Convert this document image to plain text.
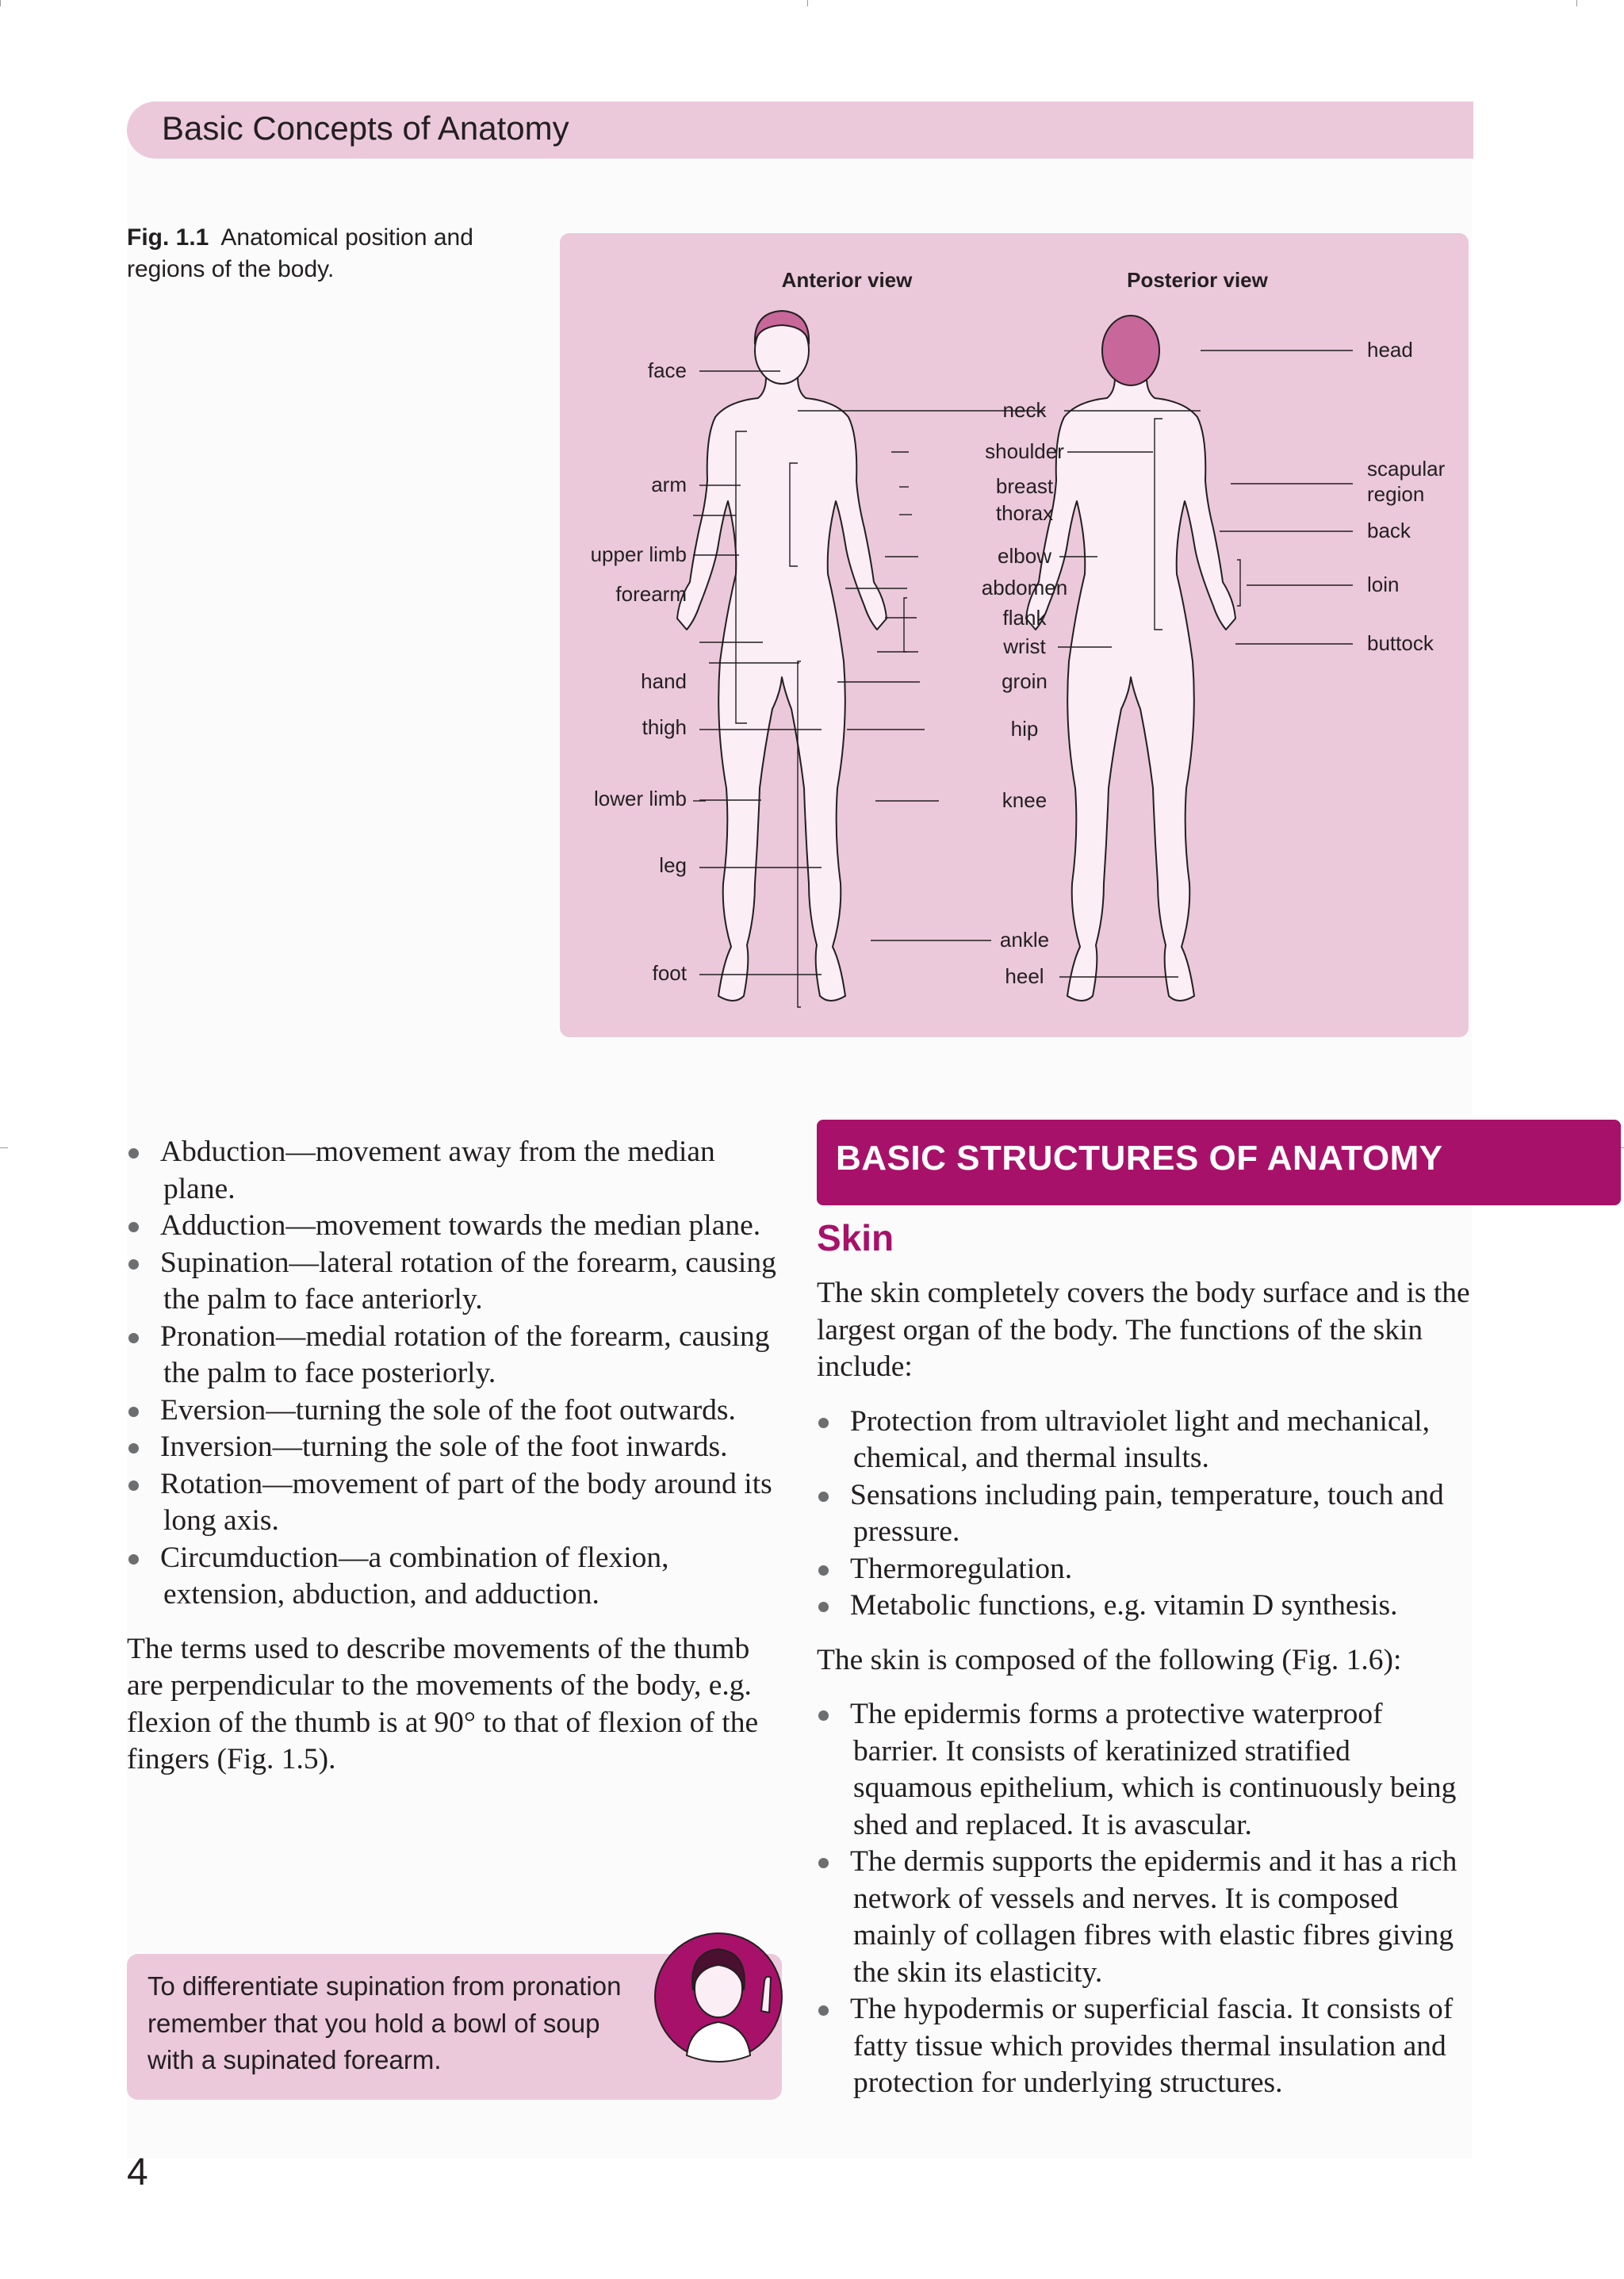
Basic Concepts of Anatomy
Fig. 1.1 Anatomical position and regions of the body.	Anterior view	Posterior view
face
arm
upper limb
forearm
hand
thigh
lower limb
leg
foot
neck
shoulder
breast
thorax
elbow
abdomen
flank
wrist
groin
hip
knee
ankle
heel
head
scapular
region
back
loin
buttock
Abduction—movement away from the median plane.
Adduction—movement towards the median plane.
Supination—lateral rotation of the forearm, causing the palm to face anteriorly.
Pronation—medial rotation of the forearm, causing the palm to face posteriorly.
Eversion—turning the sole of the foot outwards.
Inversion—turning the sole of the foot inwards.
Rotation—movement of part of the body around its long axis.
Circumduction—a combination of flexion, extension, abduction, and adduction.

The terms used to describe movements of the thumb are perpendicular to the movements of the body, e.g. flexion of the thumb is at 90° to that of flexion of the fingers (Fig. 1.5).

To differentiate supination from pronation remember that you hold a bowl of soup with a supinated forearm.
BASIC STRUCTURES OF ANATOMY
Skin

The skin completely covers the body surface and is the largest organ of the body. The functions of the skin include:

Protection from ultraviolet light and mechanical, chemical, and thermal insults.
Sensations including pain, temperature, touch and pressure.
Thermoregulation.
Metabolic functions, e.g. vitamin D synthesis.

The skin is composed of the following (Fig. 1.6):

The epidermis forms a protective waterproof barrier. It consists of keratinized stratified squamous epithelium, which is continuously being shed and replaced. It is avascular.
The dermis supports the epidermis and it has a rich network of vessels and nerves. It is composed mainly of collagen fibres with elastic fibres giving the skin its elasticity.
The hypodermis or superficial fascia. It consists of fatty tissue which provides thermal insulation and protection for underlying structures.
4
